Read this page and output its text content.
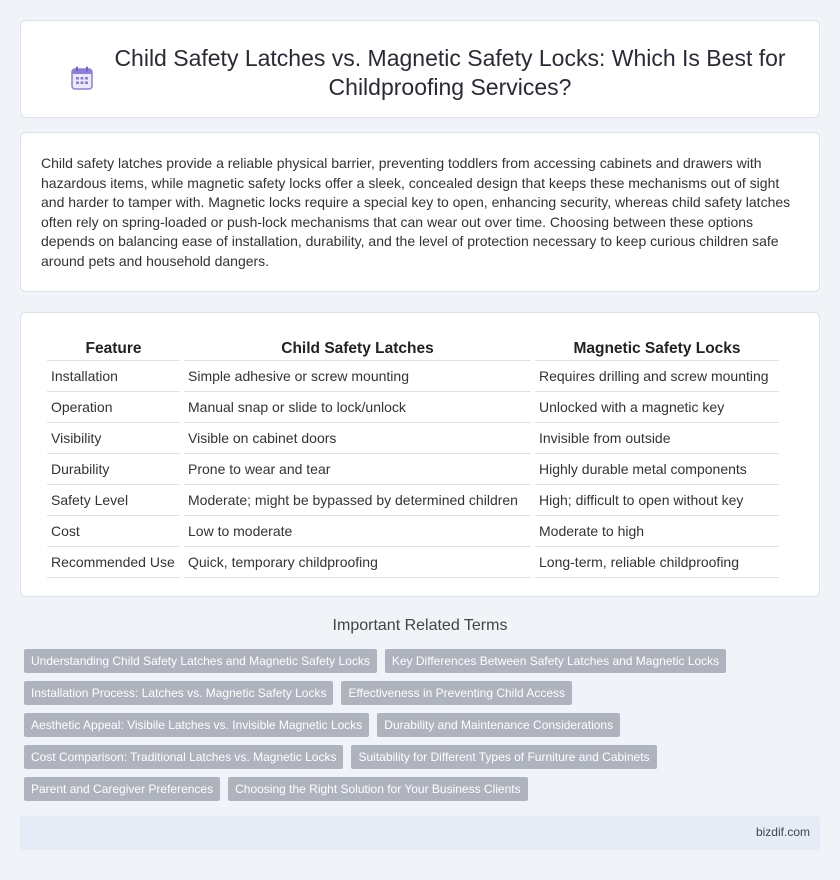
Child Safety Latches vs. Magnetic Safety Locks: Which Is Best for Childproofing Services?

Child safety latches provide a reliable physical barrier, preventing toddlers from accessing cabinets and drawers with hazardous items, while magnetic safety locks offer a sleek, concealed design that keeps these mechanisms out of sight and harder to tamper with. Magnetic locks require a special key to open, enhancing security, whereas child safety latches often rely on spring-loaded or push-lock mechanisms that can wear out over time. Choosing between these options depends on balancing ease of installation, durability, and the level of protection necessary to keep curious children safe around pets and household dangers.

Feature	Child Safety Latches	Magnetic Safety Locks
Installation	Simple adhesive or screw mounting	Requires drilling and screw mounting
Operation	Manual snap or slide to lock/unlock	Unlocked with a magnetic key
Visibility	Visible on cabinet doors	Invisible from outside
Durability	Prone to wear and tear	Highly durable metal components
Safety Level	Moderate; might be bypassed by determined children	High; difficult to open without key
Cost	Low to moderate	Moderate to high
Recommended Use	Quick, temporary childproofing	Long-term, reliable childproofing
Important Related Terms
Understanding Child Safety Latches and Magnetic Safety Locks	Key Differences Between Safety Latches and Magnetic Locks
Installation Process: Latches vs. Magnetic Safety Locks	Effectiveness in Preventing Child Access
Aesthetic Appeal: Visibile Latches vs. Invisible Magnetic Locks	Durability and Maintenance Considerations
Cost Comparison: Traditional Latches vs. Magnetic Locks	Suitability for Different Types of Furniture and Cabinets
Parent and Caregiver Preferences	Choosing the Right Solution for Your Business Clients
bizdif.com
